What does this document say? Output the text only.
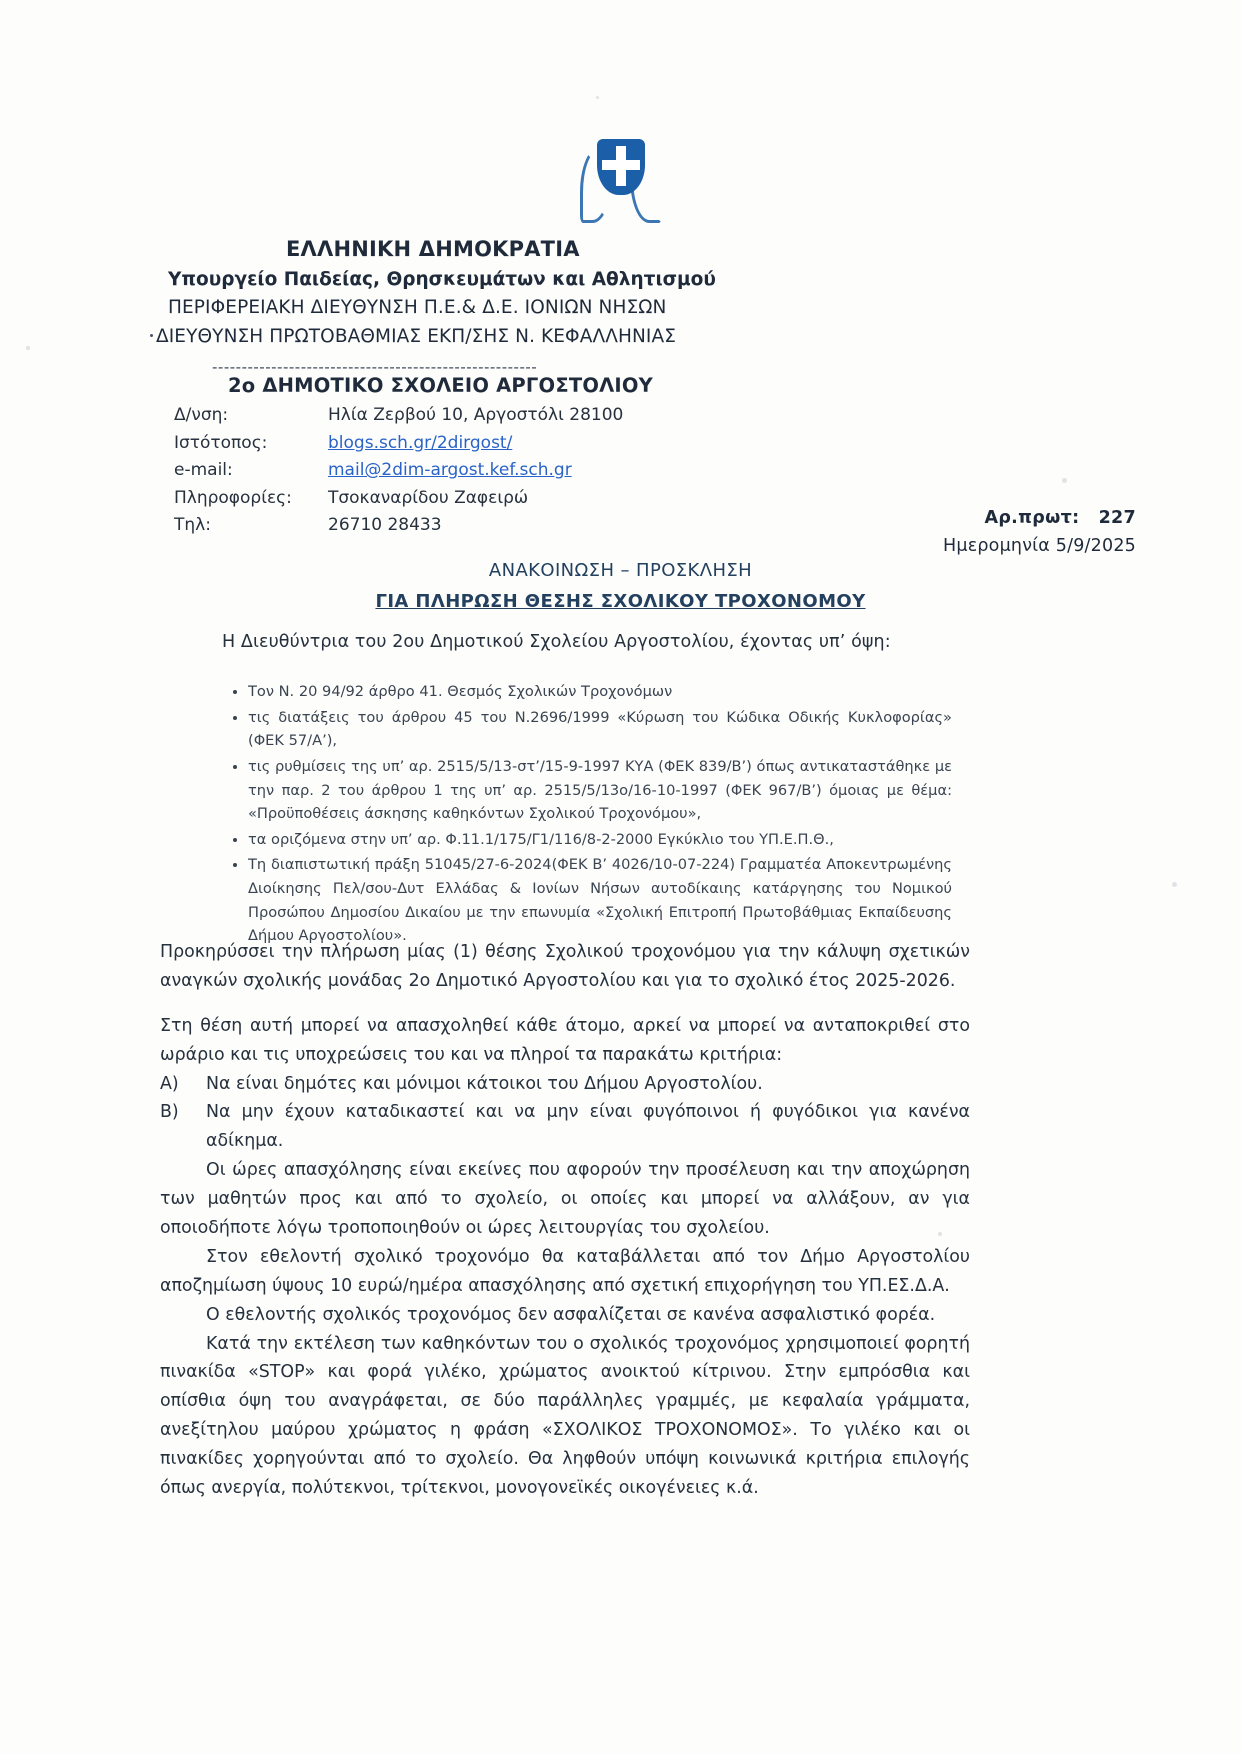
ΕΛΛΗΝΙΚΗ ΔΗΜΟΚΡΑΤΙΑ
Υπουργείο Παιδείας, Θρησκευμάτων και Αθλητισμού
ΠΕΡΙΦΕΡΕΙΑΚΗ ΔΙΕΥΘΥΝΣΗ Π.Ε.& Δ.Ε. ΙΟΝΙΩΝ ΝΗΣΩΝ
ΔΙΕΥΘΥΝΣΗ ΠΡΩΤΟΒΑΘΜΙΑΣ ΕΚΠ/ΣΗΣ Ν. ΚΕΦΑΛΛΗΝΙΑΣ
-------------------------------------------------------
2ο ΔΗΜΟΤΙΚΟ ΣΧΟΛΕΙΟ ΑΡΓΟΣΤΟΛΙΟΥ
Δ/νση:	Ηλία Ζερβού 10, Αργοστόλι 28100
Ιστότοπος:	blogs.sch.gr/2dirgost/
e-mail:	mail@2dim-argost.kef.sch.gr
Πληροφορίες:	Τσοκαναρίδου Ζαφειρώ
Τηλ:	26710 28433	Αρ.πρωτ: 227
Ημερομηνία 5/9/2025
ΑΝΑΚΟΙΝΩΣΗ – ΠΡΟΣΚΛΗΣΗ
ΓΙΑ ΠΛΗΡΩΣΗ ΘΕΣΗΣ ΣΧΟΛΙΚΟΥ ΤΡΟΧΟΝΟΜΟΥ
Η Διευθύντρια του 2ου Δημοτικού Σχολείου Αργοστολίου, έχοντας υπ’ όψη:
• Τον Ν. 20 94/92 άρθρο 41. Θεσμός Σχολικών Τροχονόμων
• τις διατάξεις του άρθρου 45 του Ν.2696/1999 «Κύρωση του Κώδικα Οδικής Κυκλοφορίας» (ΦΕΚ 57/Α’),
• τις ρυθμίσεις της υπ’ αρ. 2515/5/13-στ’/15-9-1997 ΚΥΑ (ΦΕΚ 839/Β’) όπως αντικαταστάθηκε με την παρ. 2 του άρθρου 1 της υπ’ αρ. 2515/5/13ο/16-10-1997 (ΦΕΚ 967/Β’) όμοιας με θέμα: «Προϋποθέσεις άσκησης καθηκόντων Σχολικού Τροχονόμου»,
• τα οριζόμενα στην υπ’ αρ. Φ.11.1/175/Γ1/116/8-2-2000 Εγκύκλιο του ΥΠ.Ε.Π.Θ.,
• Τη διαπιστωτική πράξη 51045/27-6-2024(ΦΕΚ Β’ 4026/10-07-224) Γραμματέα Αποκεντρωμένης Διοίκησης Πελ/σου-Δυτ Ελλάδας & Ιονίων Νήσων αυτοδίκαιης κατάργησης του Νομικού Προσώπου Δημοσίου Δικαίου με την επωνυμία «Σχολική Επιτροπή Πρωτοβάθμιας Εκπαίδευσης Δήμου Αργοστολίου».

Προκηρύσσει την πλήρωση μίας (1) θέσης Σχολικού τροχονόμου για την κάλυψη σχετικών αναγκών σχολικής μονάδας 2ο Δημοτικό Αργοστολίου και για το σχολικό έτος 2025-2026.

Στη θέση αυτή μπορεί να απασχοληθεί κάθε άτομο, αρκεί να μπορεί να ανταποκριθεί στο ωράριο και τις υποχρεώσεις του και να πληροί τα παρακάτω κριτήρια:

Α)	Να είναι δημότες και μόνιμοι κάτοικοι του Δήμου Αργοστολίου.
Β)	Να μην έχουν καταδικαστεί και να μην είναι φυγόποινοι ή φυγόδικοι για κανένα αδίκημα.

Οι ώρες απασχόλησης είναι εκείνες που αφορούν την προσέλευση και την αποχώρηση των μαθητών προς και από το σχολείο, οι οποίες και μπορεί να αλλάξουν, αν για οποιοδήποτε λόγω τροποποιηθούν οι ώρες λειτουργίας του σχολείου.

Στον εθελοντή σχολικό τροχονόμο θα καταβάλλεται από τον Δήμο Αργοστολίου αποζημίωση ύψους 10 ευρώ/ημέρα απασχόλησης από σχετική επιχορήγηση του ΥΠ.ΕΣ.Δ.Α.

Ο εθελοντής σχολικός τροχονόμος δεν ασφαλίζεται σε κανένα ασφαλιστικό φορέα.

Κατά την εκτέλεση των καθηκόντων του ο σχολικός τροχονόμος χρησιμοποιεί φορητή πινακίδα «STOP» και φορά γιλέκο, χρώματος ανοικτού κίτρινου. Στην εμπρόσθια και οπίσθια όψη του αναγράφεται, σε δύο παράλληλες γραμμές, με κεφαλαία γράμματα, ανεξίτηλου μαύρου χρώματος η φράση «ΣΧΟΛΙΚΟΣ ΤΡΟΧΟΝΟΜΟΣ». Το γιλέκο και οι πινακίδες χορηγούνται από το σχολείο. Θα ληφθούν υπόψη κοινωνικά κριτήρια επιλογής όπως ανεργία, πολύτεκνοι, τρίτεκνοι, μονογονεϊκές οικογένειες κ.ά.
